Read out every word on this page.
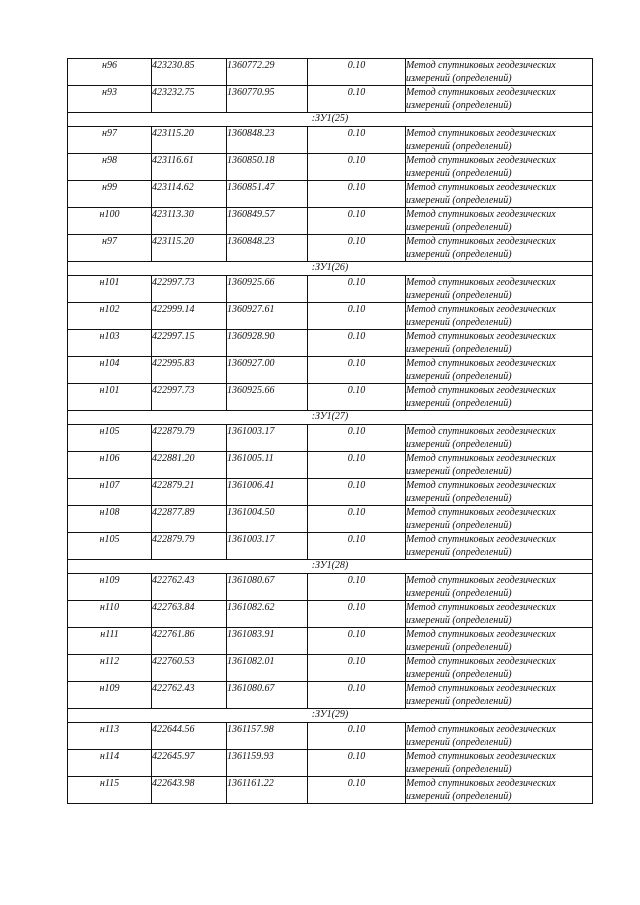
н96	423230.85	1360772.29	0.10	Метод спутниковых геодезических измерений (определений)
н93	423232.75	1360770.95	0.10	Метод спутниковых геодезических измерений (определений)
:ЗУ1(25)				
н97	423115.20	1360848.23	0.10	Метод спутниковых геодезических измерений (определений)
н98	423116.61	1360850.18	0.10	Метод спутниковых геодезических измерений (определений)
н99	423114.62	1360851.47	0.10	Метод спутниковых геодезических измерений (определений)
н100	423113.30	1360849.57	0.10	Метод спутниковых геодезических измерений (определений)
н97	423115.20	1360848.23	0.10	Метод спутниковых геодезических измерений (определений)
:ЗУ1(26)				
н101	422997.73	1360925.66	0.10	Метод спутниковых геодезических измерений (определений)
н102	422999.14	1360927.61	0.10	Метод спутниковых геодезических измерений (определений)
н103	422997.15	1360928.90	0.10	Метод спутниковых геодезических измерений (определений)
н104	422995.83	1360927.00	0.10	Метод спутниковых геодезических измерений (определений)
н101	422997.73	1360925.66	0.10	Метод спутниковых геодезических измерений (определений)
:ЗУ1(27)				
н105	422879.79	1361003.17	0.10	Метод спутниковых геодезических измерений (определений)
н106	422881.20	1361005.11	0.10	Метод спутниковых геодезических измерений (определений)
н107	422879.21	1361006.41	0.10	Метод спутниковых геодезических измерений (определений)
н108	422877.89	1361004.50	0.10	Метод спутниковых геодезических измерений (определений)
н105	422879.79	1361003.17	0.10	Метод спутниковых геодезических измерений (определений)
:ЗУ1(28)				
н109	422762.43	1361080.67	0.10	Метод спутниковых геодезических измерений (определений)
н110	422763.84	1361082.62	0.10	Метод спутниковых геодезических измерений (определений)
н111	422761.86	1361083.91	0.10	Метод спутниковых геодезических измерений (определений)
н112	422760.53	1361082.01	0.10	Метод спутниковых геодезических измерений (определений)
н109	422762.43	1361080.67	0.10	Метод спутниковых геодезических измерений (определений)
:ЗУ1(29)				
н113	422644.56	1361157.98	0.10	Метод спутниковых геодезических измерений (определений)
н114	422645.97	1361159.93	0.10	Метод спутниковых геодезических измерений (определений)
н115	422643.98	1361161.22	0.10	Метод спутниковых геодезических измерений (определений)
